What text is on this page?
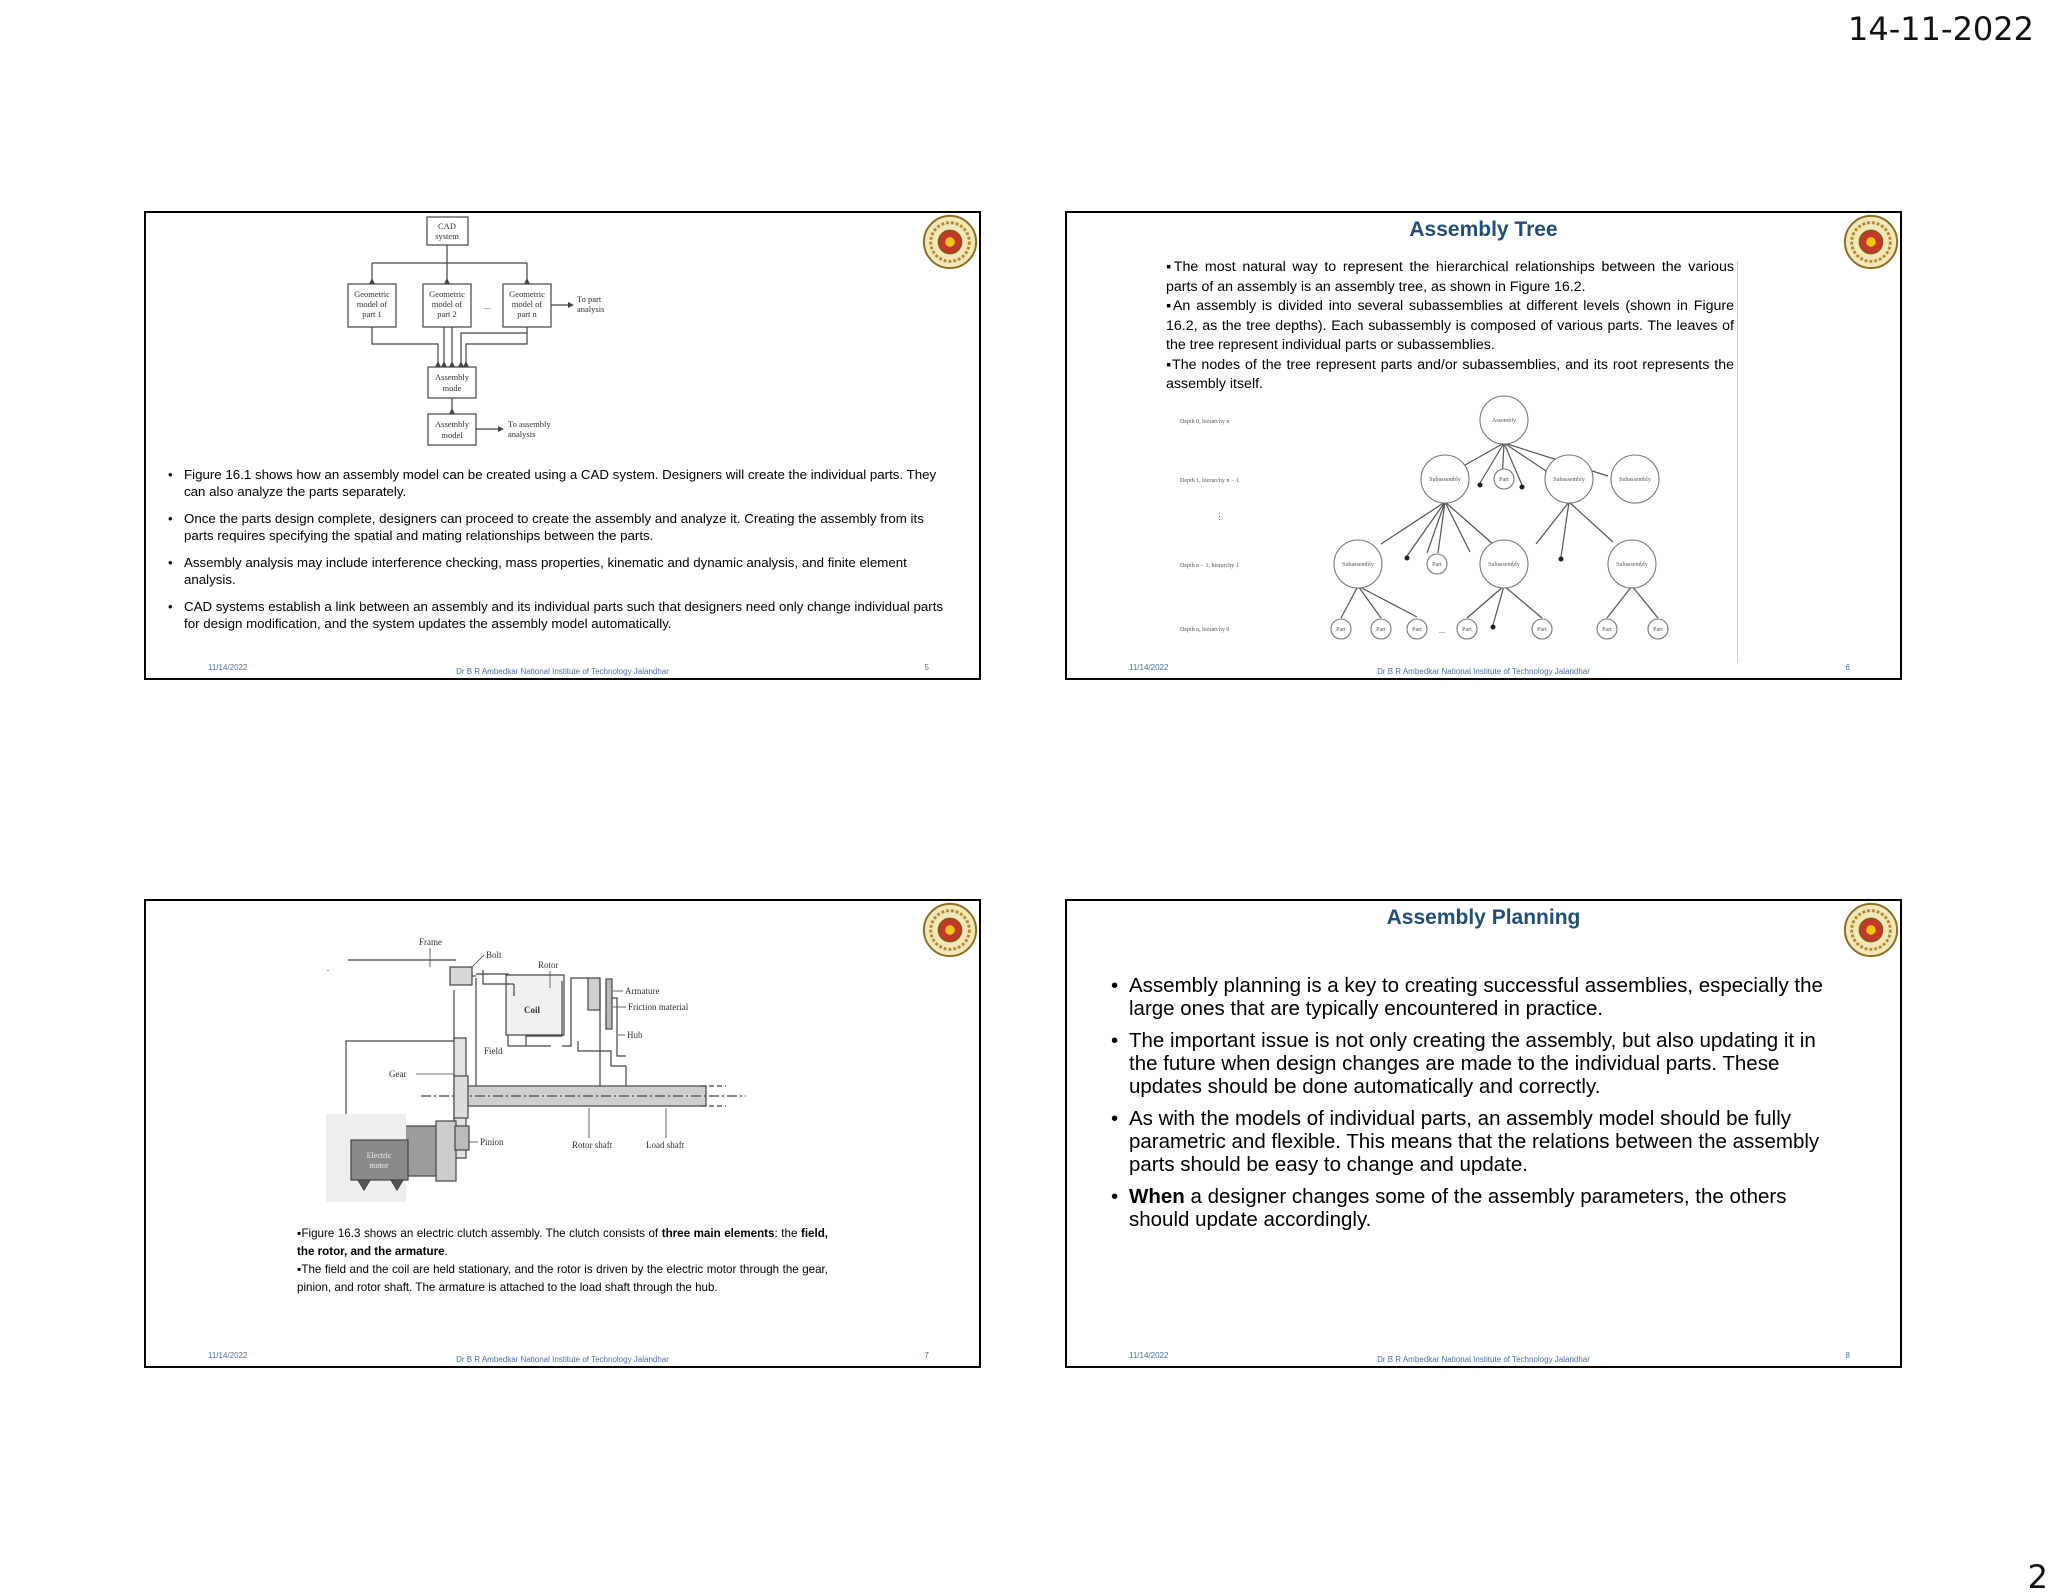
14-11-2022
CAD
system
Geometric
model of
part 1
Geometric
model of
part 2
...
Geometric
model of
part n
Assembly
mode
Assembly
model
To part
analysis
To assembly
analysis
• Figure 16.1 shows how an assembly model can be created using a CAD system. Designers will create the individual parts. They can also analyze the parts separately.
• Once the parts design complete, designers can proceed to create the assembly and analyze it. Creating the assembly from its parts requires specifying the spatial and mating relationships between the parts.
• Assembly analysis may include interference checking, mass properties, kinematic and dynamic analysis, and finite element analysis.
• CAD systems establish a link between an assembly and its individual parts such that designers need only change individual parts for design modification, and the system updates the assembly model automatically.
11/14/2022	Dr B R Ambedkar National Institute of Technology Jalandhar	5
Assembly Tree

▪The most natural way to represent the hierarchical relationships between the various parts of an assembly is an assembly tree, as shown in Figure 16.2.

▪An assembly is divided into several subassemblies at different levels (shown in Figure 16.2, as the tree depths). Each subassembly is composed of various parts. The leaves of the tree represent individual parts or subassemblies.

▪The nodes of the tree represent parts and/or subassemblies, and its root represents the assembly itself.

Assembly
Subassembly	Part	Subassembly	Subassembly
Subassembly	Part	Subassembly	Subassembly
Part	Part	Part	Part	Part	Part	Part
...
Depth 0, hierarchy n
Depth 1, hierarchy n − 1
⋮
Depth n − 1, hierarchy 1
Depth n, hierarchy 0
11/14/2022	Dr B R Ambedkar National Institute of Technology Jalandhar	6
Frame
Bolt
Rotor
Armature
Friction material
Hub
Coil
Field
Gear
Pinion	Rotor shaft	Load shaft
Electric
motor

▪Figure 16.3 shows an electric clutch assembly. The clutch consists of three main elements: the field, the rotor, and the armature.

▪The field and the coil are held stationary, and the rotor is driven by the electric motor through the gear, pinion, and rotor shaft. The armature is attached to the load shaft through the hub.

11/14/2022	Dr B R Ambedkar National Institute of Technology Jalandhar	7
Assembly Planning
• Assembly planning is a key to creating successful assemblies, especially the large ones that are typically encountered in practice.
• The important issue is not only creating the assembly, but also updating it in the future when design changes are made to the individual parts. These updates should be done automatically and correctly.
• As with the models of individual parts, an assembly model should be fully parametric and flexible. This means that the relations between the assembly parts should be easy to change and update.
• When a designer changes some of the assembly parameters, the others should update accordingly.
11/14/2022	Dr B R Ambedkar National Institute of Technology Jalandhar	8
2
